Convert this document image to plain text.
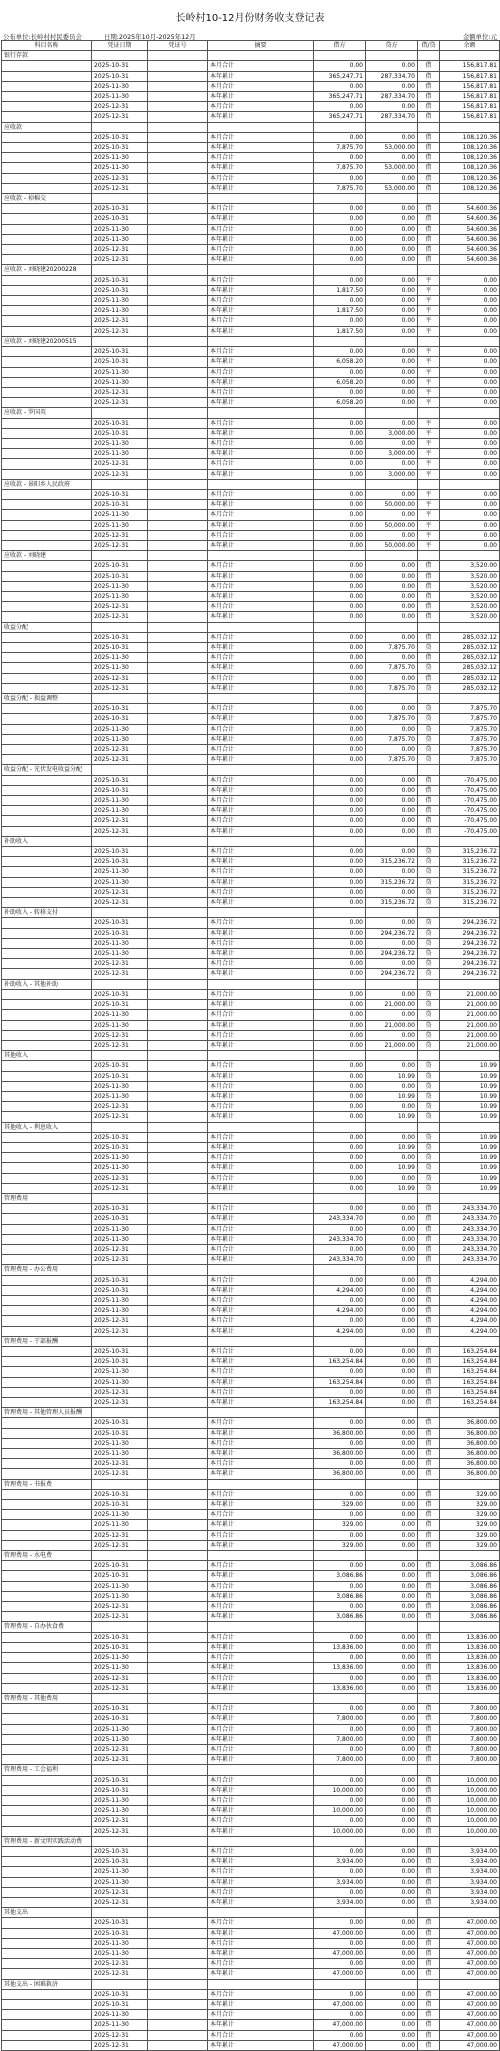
长岭村10-12月份财务收支登记表
公布单位:长岭村村民委员会	日期:2025年10月-2025年12月	金额单位:元
科目名称	凭证日期	凭证号	摘要	借方	贷方	借/贷	余额
银行存款							
	2025-10-31		本月合计	0.00	0.00	借	156,817.81
	2025-10-31		本年累计	365,247.71	287,334.70	借	156,817.81
	2025-11-30		本月合计	0.00	0.00	借	156,817.81
	2025-11-30		本年累计	365,247.71	287,334.70	借	156,817.81
	2025-12-31		本月合计	0.00	0.00	借	156,817.81
	2025-12-31		本年累计	365,247.71	287,334.70	借	156,817.81
应收款							
	2025-10-31		本月合计	0.00	0.00	借	108,120.36
	2025-10-31		本年累计	7,875.70	53,000.00	借	108,120.36
	2025-11-30		本月合计	0.00	0.00	借	108,120.36
	2025-11-30		本年累计	7,875.70	53,000.00	借	108,120.36
	2025-12-31		本月合计	0.00	0.00	借	108,120.36
	2025-12-31		本年累计	7,875.70	53,000.00	借	108,120.36
应收款 - 掉棉交							
	2025-10-31		本月合计	0.00	0.00	借	54,600.36
	2025-10-31		本年累计	0.00	0.00	借	54,600.36
	2025-11-30		本月合计	0.00	0.00	借	54,600.36
	2025-11-30		本年累计	0.00	0.00	借	54,600.36
	2025-12-31		本月合计	0.00	0.00	借	54,600.36
	2025-12-31		本年累计	0.00	0.00	借	54,600.36
应收款 - 刘晓建20200228							
	2025-10-31		本月合计	0.00	0.00	平	0.00
	2025-10-31		本年累计	1,817.50	0.00	平	0.00
	2025-11-30		本月合计	0.00	0.00	平	0.00
	2025-11-30		本年累计	1,817.50	0.00	平	0.00
	2025-12-31		本月合计	0.00	0.00	平	0.00
	2025-12-31		本年累计	1,817.50	0.00	平	0.00
应收款 - 刘晓建20200515							
	2025-10-31		本月合计	0.00	0.00	平	0.00
	2025-10-31		本年累计	6,058.20	0.00	平	0.00
	2025-11-30		本月合计	0.00	0.00	平	0.00
	2025-11-30		本年累计	6,058.20	0.00	平	0.00
	2025-12-31		本月合计	0.00	0.00	平	0.00
	2025-12-31		本年累计	6,058.20	0.00	平	0.00
应收款 - 罗国英							
	2025-10-31		本月合计	0.00	0.00	平	0.00
	2025-10-31		本年累计	0.00	3,000.00	平	0.00
	2025-11-30		本月合计	0.00	0.00	平	0.00
	2025-11-30		本年累计	0.00	3,000.00	平	0.00
	2025-12-31		本月合计	0.00	0.00	平	0.00
	2025-12-31		本年累计	0.00	3,000.00	平	0.00
应收款 - 景阳乡人民政府							
	2025-10-31		本月合计	0.00	0.00	平	0.00
	2025-10-31		本年累计	0.00	50,000.00	平	0.00
	2025-11-30		本月合计	0.00	0.00	平	0.00
	2025-11-30		本年累计	0.00	50,000.00	平	0.00
	2025-12-31		本月合计	0.00	0.00	平	0.00
	2025-12-31		本年累计	0.00	50,000.00	平	0.00
应收款 - 刘晓建							
	2025-10-31		本月合计	0.00	0.00	借	3,520.00
	2025-10-31		本年累计	0.00	0.00	借	3,520.00
	2025-11-30		本月合计	0.00	0.00	借	3,520.00
	2025-11-30		本年累计	0.00	0.00	借	3,520.00
	2025-12-31		本月合计	0.00	0.00	借	3,520.00
	2025-12-31		本年累计	0.00	0.00	借	3,520.00
收益分配							
	2025-10-31		本月合计	0.00	0.00	借	285,032.12
	2025-10-31		本年累计	0.00	7,875.70	贷	285,032.12
	2025-11-30		本月合计	0.00	0.00	借	285,032.12
	2025-11-30		本年累计	0.00	7,875.70	贷	285,032.12
	2025-12-31		本月合计	0.00	0.00	借	285,032.12
	2025-12-31		本年累计	0.00	7,875.70	贷	285,032.12
收益分配 - 损益调整							
	2025-10-31		本月合计	0.00	0.00	贷	7,875.70
	2025-10-31		本年累计	0.00	7,875.70	贷	7,875.70
	2025-11-30		本月合计	0.00	0.00	贷	7,875.70
	2025-11-30		本年累计	0.00	7,875.70	贷	7,875.70
	2025-12-31		本月合计	0.00	0.00	贷	7,875.70
	2025-12-31		本年累计	0.00	7,875.70	贷	7,875.70
收益分配 - 光伏发电收益分配							
	2025-10-31		本月合计	0.00	0.00	借	-70,475.00
	2025-10-31		本年累计	0.00	0.00	借	-70,475.00
	2025-11-30		本月合计	0.00	0.00	借	-70,475.00
	2025-11-30		本年累计	0.00	0.00	借	-70,475.00
	2025-12-31		本月合计	0.00	0.00	借	-70,475.00
	2025-12-31		本年累计	0.00	0.00	借	-70,475.00
补助收入							
	2025-10-31		本月合计	0.00	0.00	贷	315,236.72
	2025-10-31		本年累计	0.00	315,236.72	贷	315,236.72
	2025-11-30		本月合计	0.00	0.00	贷	315,236.72
	2025-11-30		本年累计	0.00	315,236.72	贷	315,236.72
	2025-12-31		本月合计	0.00	0.00	贷	315,236.72
	2025-12-31		本年累计	0.00	315,236.72	贷	315,236.72
补助收入 - 转移支付							
	2025-10-31		本月合计	0.00	0.00	贷	294,236.72
	2025-10-31		本年累计	0.00	294,236.72	贷	294,236.72
	2025-11-30		本月合计	0.00	0.00	贷	294,236.72
	2025-11-30		本年累计	0.00	294,236.72	贷	294,236.72
	2025-12-31		本月合计	0.00	0.00	贷	294,236.72
	2025-12-31		本年累计	0.00	294,236.72	贷	294,236.72
补助收入 - 其他补助							
	2025-10-31		本月合计	0.00	0.00	贷	21,000.00
	2025-10-31		本年累计	0.00	21,000.00	贷	21,000.00
	2025-11-30		本月合计	0.00	0.00	贷	21,000.00
	2025-11-30		本年累计	0.00	21,000.00	贷	21,000.00
	2025-12-31		本月合计	0.00	0.00	贷	21,000.00
	2025-12-31		本年累计	0.00	21,000.00	贷	21,000.00
其他收入							
	2025-10-31		本月合计	0.00	0.00	贷	10.99
	2025-10-31		本年累计	0.00	10.99	贷	10.99
	2025-11-30		本月合计	0.00	0.00	贷	10.99
	2025-11-30		本年累计	0.00	10.99	贷	10.99
	2025-12-31		本月合计	0.00	0.00	贷	10.99
	2025-12-31		本年累计	0.00	10.99	贷	10.99
其他收入 - 利息收入							
	2025-10-31		本月合计	0.00	0.00	贷	10.99
	2025-10-31		本年累计	0.00	10.99	贷	10.99
	2025-11-30		本月合计	0.00	0.00	贷	10.99
	2025-11-30		本年累计	0.00	10.99	贷	10.99
	2025-12-31		本月合计	0.00	0.00	贷	10.99
	2025-12-31		本年累计	0.00	10.99	贷	10.99
管理费用							
	2025-10-31		本月合计	0.00	0.00	借	243,334.70
	2025-10-31		本年累计	243,334.70	0.00	借	243,334.70
	2025-11-30		本月合计	0.00	0.00	借	243,334.70
	2025-11-30		本年累计	243,334.70	0.00	借	243,334.70
	2025-12-31		本月合计	0.00	0.00	借	243,334.70
	2025-12-31		本年累计	243,334.70	0.00	借	243,334.70
管理费用 - 办公费用							
	2025-10-31		本月合计	0.00	0.00	借	4,294.00
	2025-10-31		本年累计	4,294.00	0.00	借	4,294.00
	2025-11-30		本月合计	0.00	0.00	借	4,294.00
	2025-11-30		本年累计	4,294.00	0.00	借	4,294.00
	2025-12-31		本月合计	0.00	0.00	借	4,294.00
	2025-12-31		本年累计	4,294.00	0.00	借	4,294.00
管理费用 - 干部报酬							
	2025-10-31		本月合计	0.00	0.00	借	163,254.84
	2025-10-31		本年累计	163,254.84	0.00	借	163,254.84
	2025-11-30		本月合计	0.00	0.00	借	163,254.84
	2025-11-30		本年累计	163,254.84	0.00	借	163,254.84
	2025-12-31		本月合计	0.00	0.00	借	163,254.84
	2025-12-31		本年累计	163,254.84	0.00	借	163,254.84
管理费用 - 其他管理人员报酬							
	2025-10-31		本月合计	0.00	0.00	借	36,800.00
	2025-10-31		本年累计	36,800.00	0.00	借	36,800.00
	2025-11-30		本月合计	0.00	0.00	借	36,800.00
	2025-11-30		本年累计	36,800.00	0.00	借	36,800.00
	2025-12-31		本月合计	0.00	0.00	借	36,800.00
	2025-12-31		本年累计	36,800.00	0.00	借	36,800.00
管理费用 - 书报费							
	2025-10-31		本月合计	0.00	0.00	借	329.00
	2025-10-31		本年累计	329.00	0.00	借	329.00
	2025-11-30		本月合计	0.00	0.00	借	329.00
	2025-11-30		本年累计	329.00	0.00	借	329.00
	2025-12-31		本月合计	0.00	0.00	借	329.00
	2025-12-31		本年累计	329.00	0.00	借	329.00
管理费用 - 水电费							
	2025-10-31		本月合计	0.00	0.00	借	3,086.86
	2025-10-31		本年累计	3,086.86	0.00	借	3,086.86
	2025-11-30		本月合计	0.00	0.00	借	3,086.86
	2025-11-30		本年累计	3,086.86	0.00	借	3,086.86
	2025-12-31		本月合计	0.00	0.00	借	3,086.86
	2025-12-31		本年累计	3,086.86	0.00	借	3,086.86
管理费用 - 自办伙食费							
	2025-10-31		本月合计	0.00	0.00	借	13,836.00
	2025-10-31		本年累计	13,836.00	0.00	借	13,836.00
	2025-11-30		本月合计	0.00	0.00	借	13,836.00
	2025-11-30		本年累计	13,836.00	0.00	借	13,836.00
	2025-12-31		本月合计	0.00	0.00	借	13,836.00
	2025-12-31		本年累计	13,836.00	0.00	借	13,836.00
管理费用 - 其他费用							
	2025-10-31		本月合计	0.00	0.00	借	7,800.00
	2025-10-31		本年累计	7,800.00	0.00	借	7,800.00
	2025-11-30		本月合计	0.00	0.00	借	7,800.00
	2025-11-30		本年累计	7,800.00	0.00	借	7,800.00
	2025-12-31		本月合计	0.00	0.00	借	7,800.00
	2025-12-31		本年累计	7,800.00	0.00	借	7,800.00
管理费用 - 工会福利							
	2025-10-31		本月合计	0.00	0.00	借	10,000.00
	2025-10-31		本年累计	10,000.00	0.00	借	10,000.00
	2025-11-30		本月合计	0.00	0.00	借	10,000.00
	2025-11-30		本年累计	10,000.00	0.00	借	10,000.00
	2025-12-31		本月合计	0.00	0.00	借	10,000.00
	2025-12-31		本年累计	10,000.00	0.00	借	10,000.00
管理费用 - 新文明实践活动费							
	2025-10-31		本月合计	0.00	0.00	借	3,934.00
	2025-10-31		本年累计	3,934.00	0.00	借	3,934.00
	2025-11-30		本月合计	0.00	0.00	借	3,934.00
	2025-11-30		本年累计	3,934.00	0.00	借	3,934.00
	2025-12-31		本月合计	0.00	0.00	借	3,934.00
	2025-12-31		本年累计	3,934.00	0.00	借	3,934.00
其他支出							
	2025-10-31		本月合计	0.00	0.00	借	47,000.00
	2025-10-31		本年累计	47,000.00	0.00	借	47,000.00
	2025-11-30		本月合计	0.00	0.00	借	47,000.00
	2025-11-30		本年累计	47,000.00	0.00	借	47,000.00
	2025-12-31		本月合计	0.00	0.00	借	47,000.00
	2025-12-31		本年累计	47,000.00	0.00	借	47,000.00
其他支出 - 困难救济							
	2025-10-31		本月合计	0.00	0.00	借	47,000.00
	2025-10-31		本年累计	47,000.00	0.00	借	47,000.00
	2025-11-30		本月合计	0.00	0.00	借	47,000.00
	2025-11-30		本年累计	47,000.00	0.00	借	47,000.00
	2025-12-31		本月合计	0.00	0.00	借	47,000.00
	2025-12-31		本年累计	47,000.00	0.00	借	47,000.00
